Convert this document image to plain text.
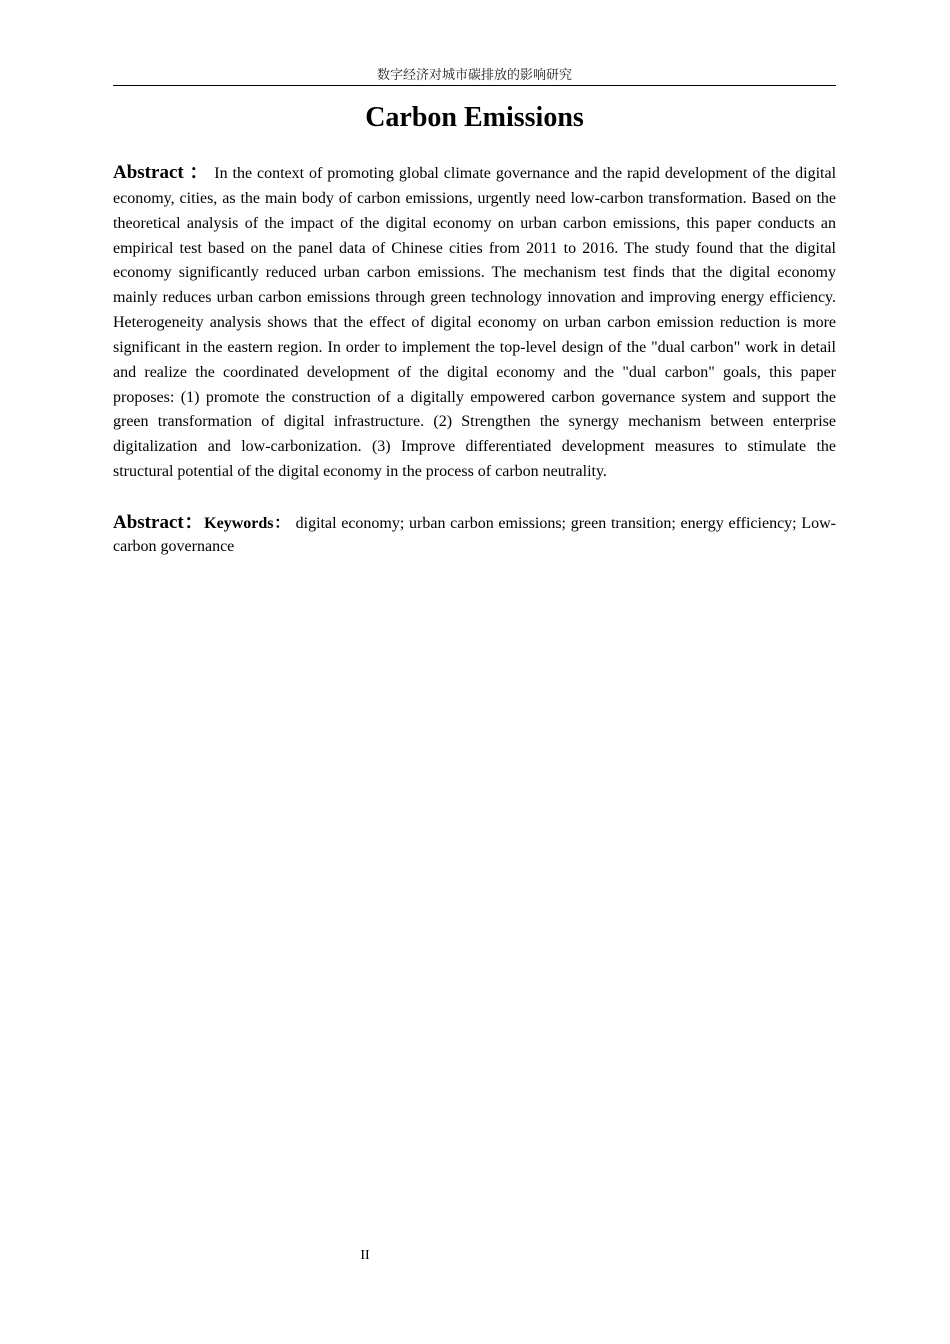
数字经济对城市碳排放的影响研究
Carbon Emissions

Abstract ： In the context of promoting global climate governance and the rapid development of the digital economy, cities, as the main body of carbon emissions, urgently need low-carbon transformation. Based on the theoretical analysis of the impact of the digital economy on urban carbon emissions, this paper conducts an empirical test based on the panel data of Chinese cities from 2011 to 2016. The study found that the digital economy significantly reduced urban carbon emissions. The mechanism test finds that the digital economy mainly reduces urban carbon emissions through green technology innovation and improving energy efficiency. Heterogeneity analysis shows that the effect of digital economy on urban carbon emission reduction is more significant in the eastern region. In order to implement the top-level design of the "dual carbon" work in detail and realize the coordinated development of the digital economy and the "dual carbon" goals, this paper proposes: (1) promote the construction of a digitally empowered carbon governance system and support the green transformation of digital infrastructure. (2) Strengthen the synergy mechanism between enterprise digitalization and low-carbonization. (3) Improve differentiated development measures to stimulate the structural potential of the digital economy in the process of carbon neutrality.

Abstract：Keywords： digital economy; urban carbon emissions; green transition; energy efficiency; Low-carbon governance

II
